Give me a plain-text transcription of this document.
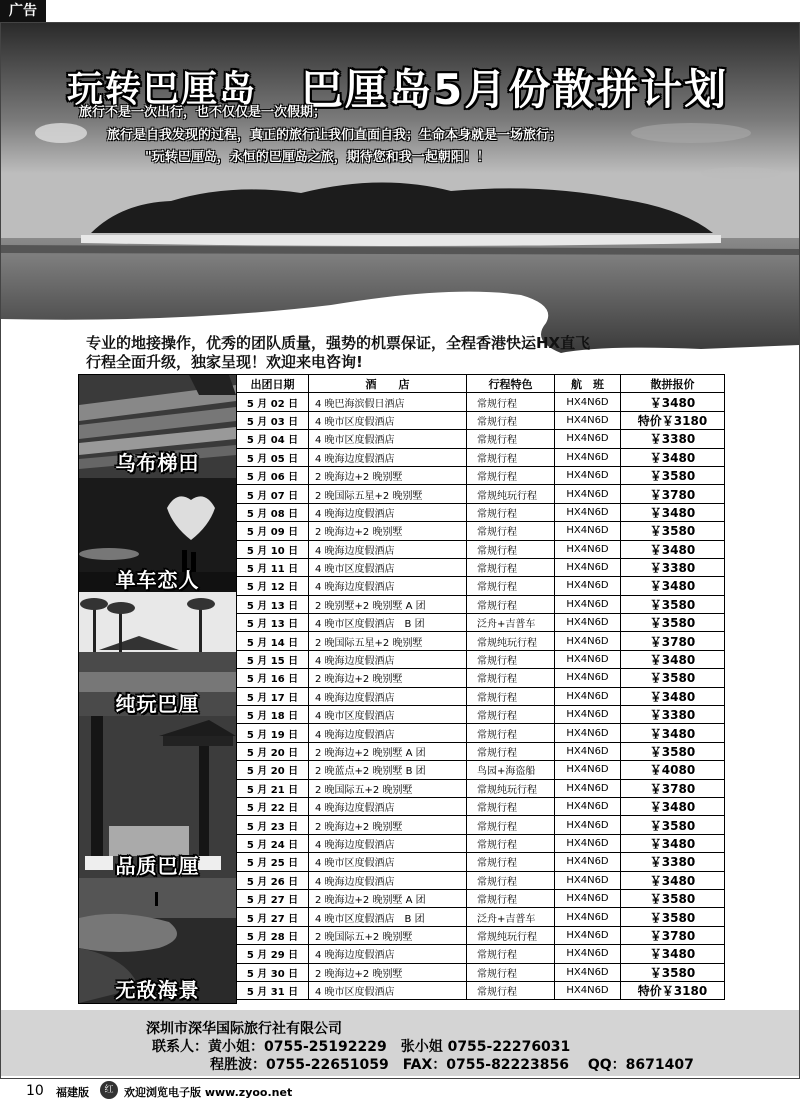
广告
玩转巴厘岛 巴厘岛5月份散拼计划
旅行不是一次出行，也不仅仅是一次假期；
旅行是自我发现的过程，真正的旅行让我们直面自我；生命本身就是一场旅行；
"玩转巴厘岛，永恒的巴厘岛之旅，期待您和我一起朝阳！！
专业的地接操作，优秀的团队质量，强势的机票保证，全程香港快运HX直飞
行程全面升级，独家呈现！欢迎来电咨询!
乌布梯田
单车恋人
纯玩巴厘
品质巴厘
无敌海景
出团日期	酒　　店	行程特色	航　班	散拼报价
5 月 02 日	4 晚巴海滨假日酒店	常规行程	HX4N6D	￥3480
5 月 03 日	4 晚市区度假酒店	常规行程	HX4N6D	特价￥3180
5 月 04 日	4 晚市区度假酒店	常规行程	HX4N6D	￥3380
5 月 05 日	4 晚海边度假酒店	常规行程	HX4N6D	￥3480
5 月 06 日	2 晚海边+2 晚别墅	常规行程	HX4N6D	￥3580
5 月 07 日	2 晚国际五星+2 晚别墅	常规纯玩行程	HX4N6D	￥3780
5 月 08 日	4 晚海边度假酒店	常规行程	HX4N6D	￥3480
5 月 09 日	2 晚海边+2 晚别墅	常规行程	HX4N6D	￥3580
5 月 10 日	4 晚海边度假酒店	常规行程	HX4N6D	￥3480
5 月 11 日	4 晚市区度假酒店	常规行程	HX4N6D	￥3380
5 月 12 日	4 晚海边度假酒店	常规行程	HX4N6D	￥3480
5 月 13 日	2 晚别墅+2 晚别墅 A 团	常规行程	HX4N6D	￥3580
5 月 13 日	4 晚市区度假酒店　B 团	泛舟+吉普车	HX4N6D	￥3580
5 月 14 日	2 晚国际五星+2 晚别墅	常规纯玩行程	HX4N6D	￥3780
5 月 15 日	4 晚海边度假酒店	常规行程	HX4N6D	￥3480
5 月 16 日	2 晚海边+2 晚别墅	常规行程	HX4N6D	￥3580
5 月 17 日	4 晚海边度假酒店	常规行程	HX4N6D	￥3480
5 月 18 日	4 晚市区度假酒店	常规行程	HX4N6D	￥3380
5 月 19 日	4 晚海边度假酒店	常规行程	HX4N6D	￥3480
5 月 20 日	2 晚海边+2 晚别墅 A 团	常规行程	HX4N6D	￥3580
5 月 20 日	2 晚蓝点+2 晚别墅 B 团	鸟园+海盗船	HX4N6D	￥4080
5 月 21 日	2 晚国际五+2 晚别墅	常规纯玩行程	HX4N6D	￥3780
5 月 22 日	4 晚海边度假酒店	常规行程	HX4N6D	￥3480
5 月 23 日	2 晚海边+2 晚别墅	常规行程	HX4N6D	￥3580
5 月 24 日	4 晚海边度假酒店	常规行程	HX4N6D	￥3480
5 月 25 日	4 晚市区度假酒店	常规行程	HX4N6D	￥3380
5 月 26 日	4 晚海边度假酒店	常规行程	HX4N6D	￥3480
5 月 27 日	2 晚海边+2 晚别墅 A 团	常规行程	HX4N6D	￥3580
5 月 27 日	4 晚市区度假酒店　B 团	泛舟+吉普车	HX4N6D	￥3580
5 月 28 日	2 晚国际五+2 晚别墅	常规纯玩行程	HX4N6D	￥3780
5 月 29 日	4 晚海边度假酒店	常规行程	HX4N6D	￥3480
5 月 30 日	2 晚海边+2 晚别墅	常规行程	HX4N6D	￥3580
5 月 31 日	4 晚市区度假酒店	常规行程	HX4N6D	特价￥3180
深圳市深华国际旅行社有限公司
联系人：黄小姐：0755-25192229　张小姐 0755-22276031
程胜波：0755-22651059　FAX：0755-82223856　 QQ：8671407
10 福建版	红 欢迎浏览电子版 www.zyoo.net
